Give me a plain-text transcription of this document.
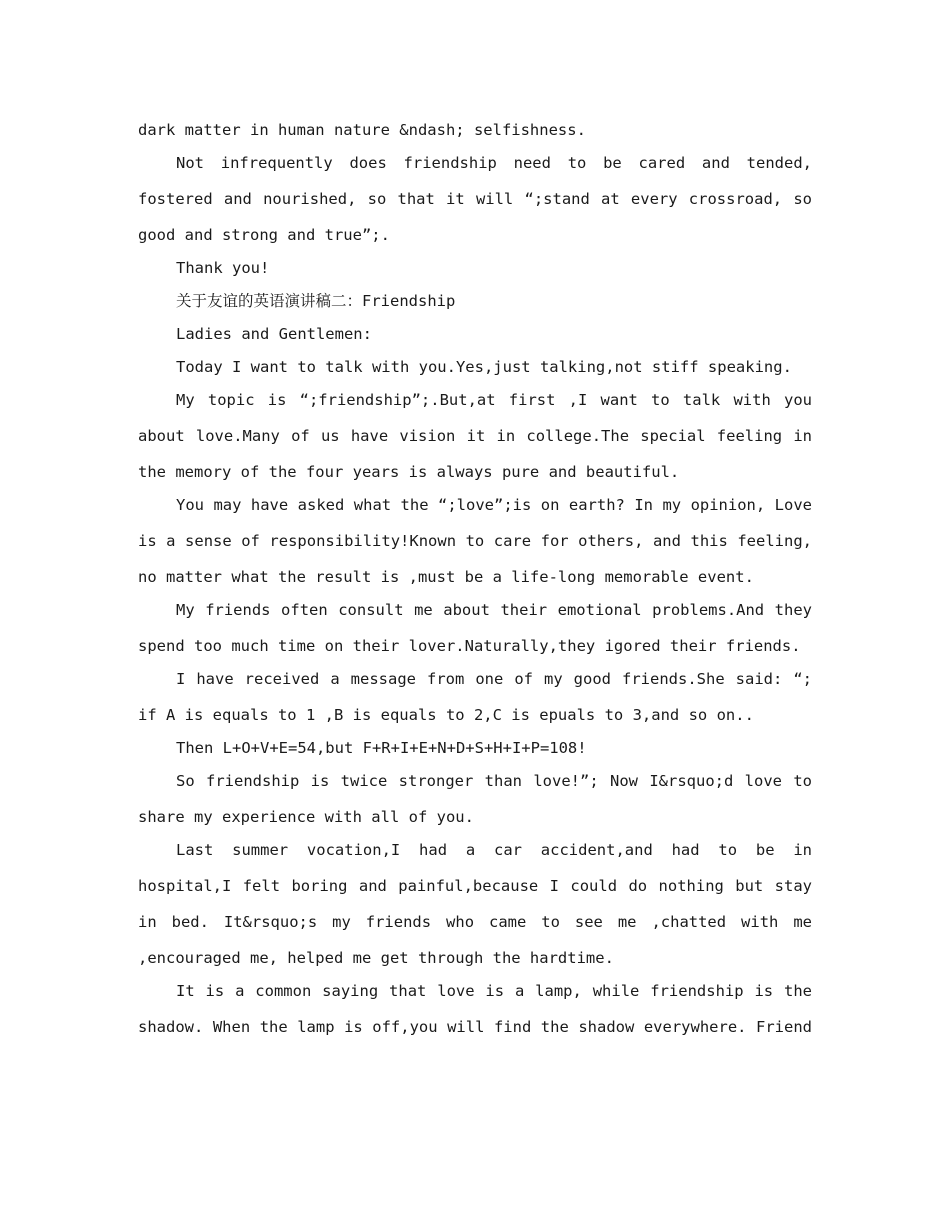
dark matter in human nature &ndash; selfishness.

Not infrequently does friendship need to be cared and tended, fostered and nourished, so that it will “;stand at every crossroad, so good and strong and true”;.

Thank you!

关于友谊的英语演讲稿二：Friendship

Ladies and Gentlemen:

Today I want to talk with you.Yes,just talking,not stiff speaking.

My topic is “;friendship”;.But,at first ,I want to talk with you about love.Many of us have vision it in college.The special feeling in the memory of the four years is always pure and beautiful.

You may have asked what the “;love”;is on earth? In my opinion, Love is a sense of responsibility!Known to care for others, and this feeling, no matter what the result is ,must be a life-long memorable event.

My friends often consult me about their emotional problems.And they spend too much time on their lover.Naturally,they igored their friends.

I have received a message from one of my good friends.She said: “; if A is equals to 1 ,B is equals to 2,C is epuals to 3,and so on..

Then L+O+V+E=54,but F+R+I+E+N+D+S+H+I+P=108!

So friendship is twice stronger than love!”; Now I&rsquo;d love to share my experience with all of you.

Last summer vocation,I had a car accident,and had to be in hospital,I felt boring and painful,because I could do nothing but stay in bed. It&rsquo;s my friends who came to see me ,chatted with me ,encouraged me, helped me get through the hardtime.

It is a common saying that love is a lamp, while friendship is the shadow. When the lamp is off,you will find the shadow everywhere. Friend
